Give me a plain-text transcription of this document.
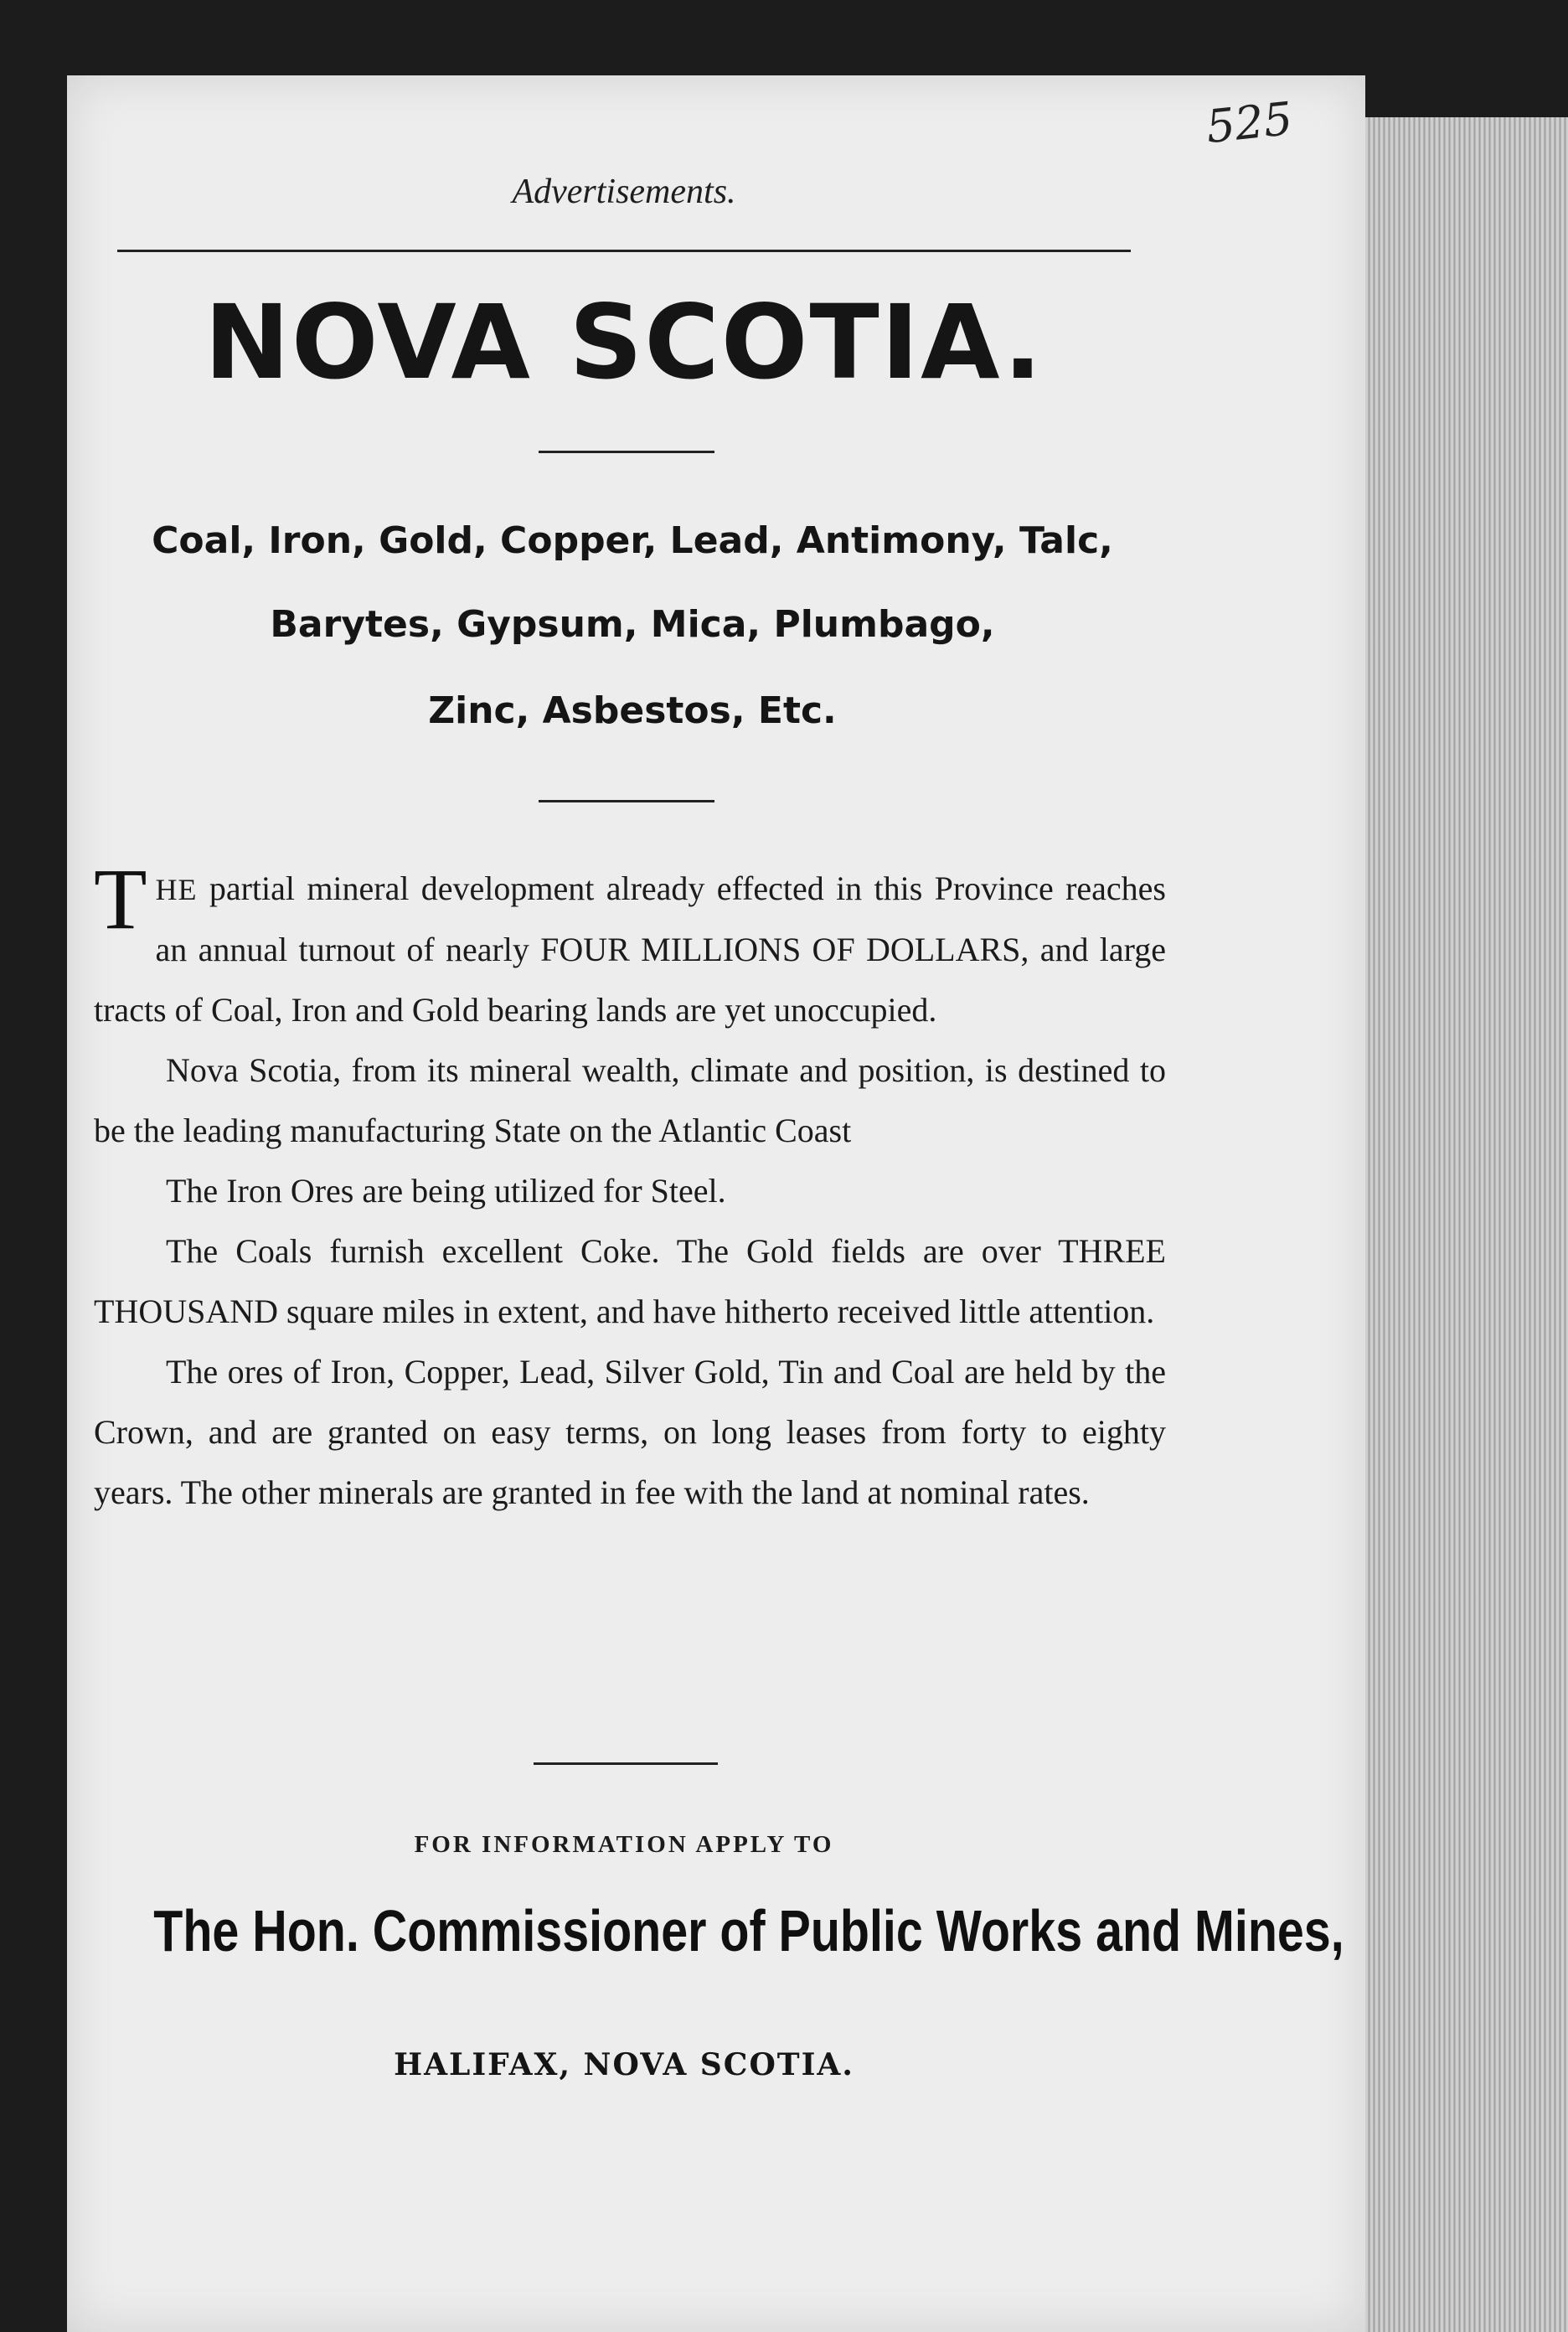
525
Advertisements.
NOVA SCOTIA.
Coal, Iron, Gold, Copper, Lead, Antimony, Talc,
Barytes, Gypsum, Mica, Plumbago,
Zinc, Asbestos, Etc.

THE partial mineral development already effected in this Province reaches an annual turnout of nearly FOUR MILLIONS OF DOLLARS, and large tracts of Coal, Iron and Gold bearing lands are yet unoccupied.

Nova Scotia, from its mineral wealth, climate and position, is destined to be the leading manufacturing State on the Atlantic Coast

The Iron Ores are being utilized for Steel.

The Coals furnish excellent Coke. The Gold fields are over THREE THOUSAND square miles in extent, and have hitherto received little attention.

The ores of Iron, Copper, Lead, Silver Gold, Tin and Coal are held by the Crown, and are granted on easy terms, on long leases from forty to eighty years. The other minerals are granted in fee with the land at nominal rates.

FOR INFORMATION APPLY TO
The Hon. Commissioner of Public Works and Mines,
HALIFAX, NOVA SCOTIA.
